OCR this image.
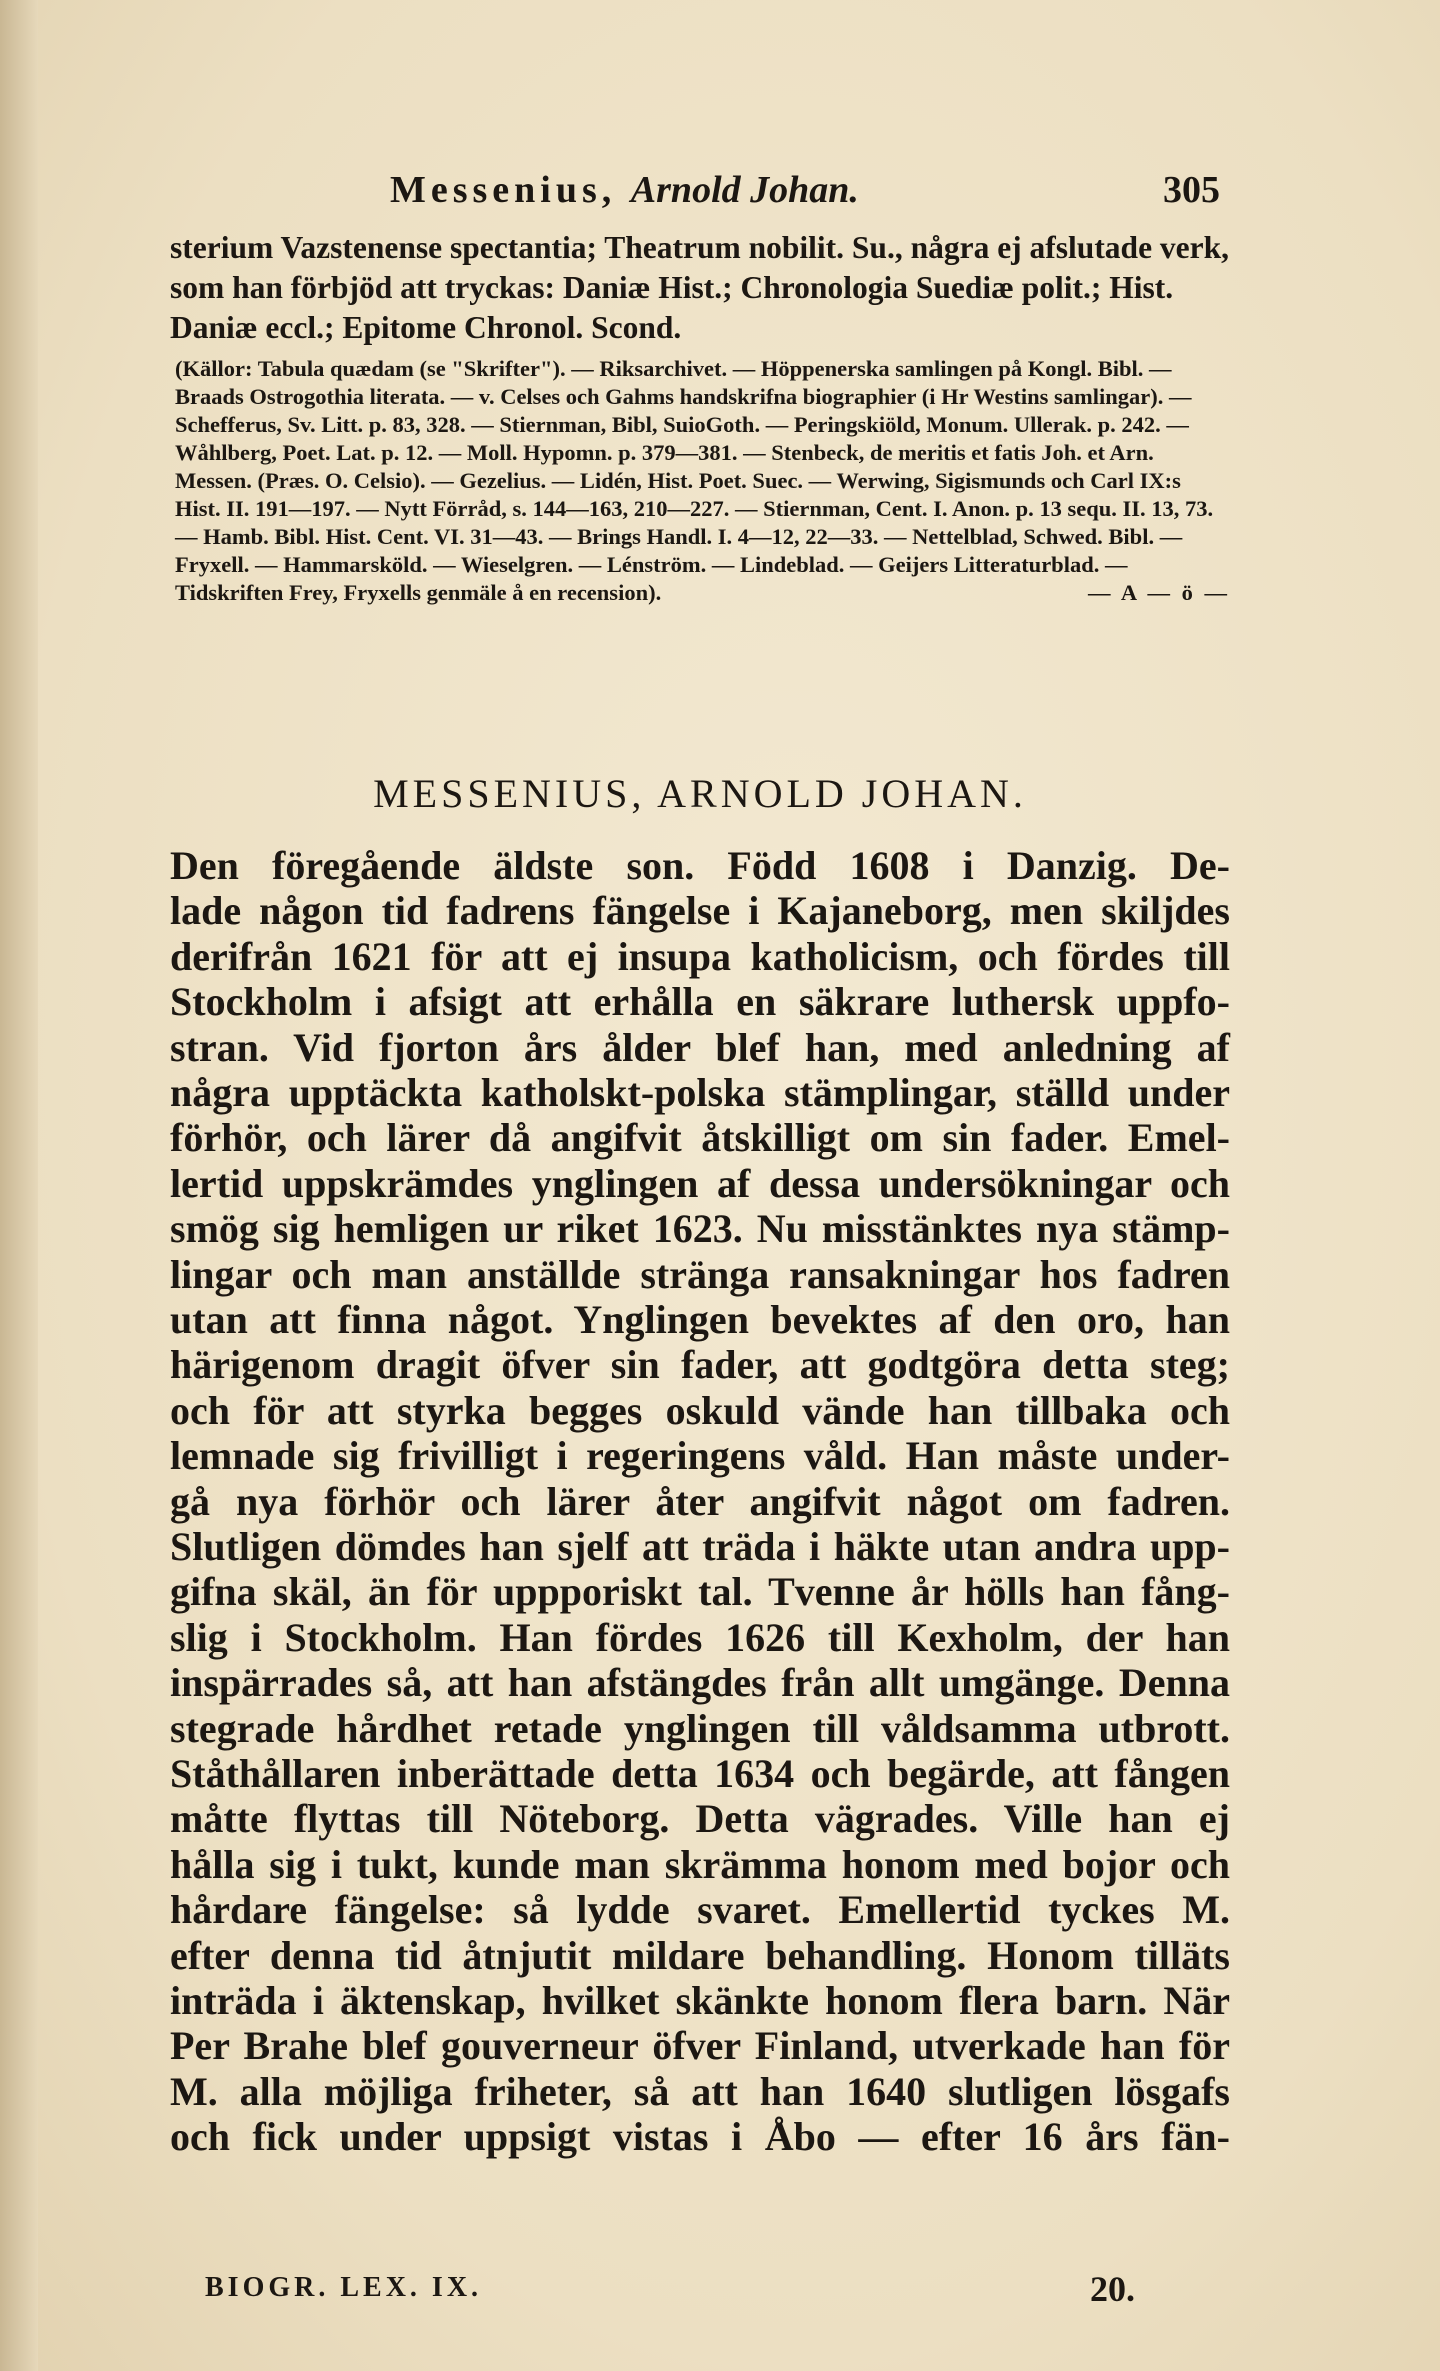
Messenius, Arnold Johan.	305
sterium Vazstenense spectantia; Theatrum nobilit. Su., några ej afslutade verk, som han förbjöd att tryckas: Daniæ Hist.; Chronologia Suediæ polit.; Hist. Daniæ eccl.; Epitome Chronol. Scond.
(Källor: Tabula quædam (se "Skrifter"). — Riksarchivet. — Höppenerska samlingen på Kongl. Bibl. — Braads Ostrogothia literata. — v. Celses och Gahms handskrifna biographier (i Hr Westins samlingar). — Schefferus, Sv. Litt. p. 83, 328. — Stiernman, Bibl, SuioGoth. — Peringskiöld, Monum. Ullerak. p. 242. — Wåhlberg, Poet. Lat. p. 12. — Moll. Hypomn. p. 379—381. — Stenbeck, de meritis et fatis Joh. et Arn. Messen. (Præs. O. Celsio). — Gezelius. — Lidén, Hist. Poet. Suec. — Werwing, Sigismunds och Carl IX:s Hist. II. 191—197. — Nytt Förråd, s. 144—163, 210—227. — Stiernman, Cent. I. Anon. p. 13 sequ. II. 13, 73. — Hamb. Bibl. Hist. Cent. VI. 31—43. — Brings Handl. I. 4—12, 22—33. — Nettelblad, Schwed. Bibl. — Fryxell. — Hammarsköld. — Wieselgren. — Lénström. — Lindeblad. — Geijers Litteraturblad. — Tidskriften Frey, Fryxells genmäle å en recension).	— A — ö —
MESSENIUS, ARNOLD JOHAN.
Den föregående äldste son. Född 1608 i Danzig. De-
lade någon tid fadrens fängelse i Kajaneborg, men skiljdes
derifrån 1621 för att ej insupa katholicism, och fördes till
Stockholm i afsigt att erhålla en säkrare luthersk uppfo-
stran. Vid fjorton års ålder blef han, med anledning af
några upptäckta katholskt-polska stämplingar, ställd under
förhör, och lärer då angifvit åtskilligt om sin fader. Emel-
lertid uppskrämdes ynglingen af dessa undersökningar och
smög sig hemligen ur riket 1623. Nu misstänktes nya stämp-
lingar och man anställde stränga ransakningar hos fadren
utan att finna något. Ynglingen bevektes af den oro, han
härigenom dragit öfver sin fader, att godtgöra detta steg;
och för att styrka begges oskuld vände han tillbaka och
lemnade sig frivilligt i regeringens våld. Han måste under-
gå nya förhör och lärer åter angifvit något om fadren.
Slutligen dömdes han sjelf att träda i häkte utan andra upp-
gifna skäl, än för uppроriskt tal. Tvenne år hölls han fång-
slig i Stockholm. Han fördes 1626 till Kexholm, der han
inspärrades så, att han afstängdes från allt umgänge. Denna
stegrade hårdhet retade ynglingen till våldsamma utbrott.
Ståthållaren inberättade detta 1634 och begärde, att fången
måtte flyttas till Nöteborg. Detta vägrades. Ville han ej
hålla sig i tukt, kunde man skrämma honom med bojor och
hårdare fängelse: så lydde svaret. Emellertid tyckes M.
efter denna tid åtnjutit mildare behandling. Honom tilläts
inträda i äktenskap, hvilket skänkte honom flera barn. När
Per Brahe blef gouverneur öfver Finland, utverkade han för
M. alla möjliga friheter, så att han 1640 slutligen lösgafs
och fick under uppsigt vistas i Åbo — efter 16 års fän-
BIOGR. LEX. IX.	20.
